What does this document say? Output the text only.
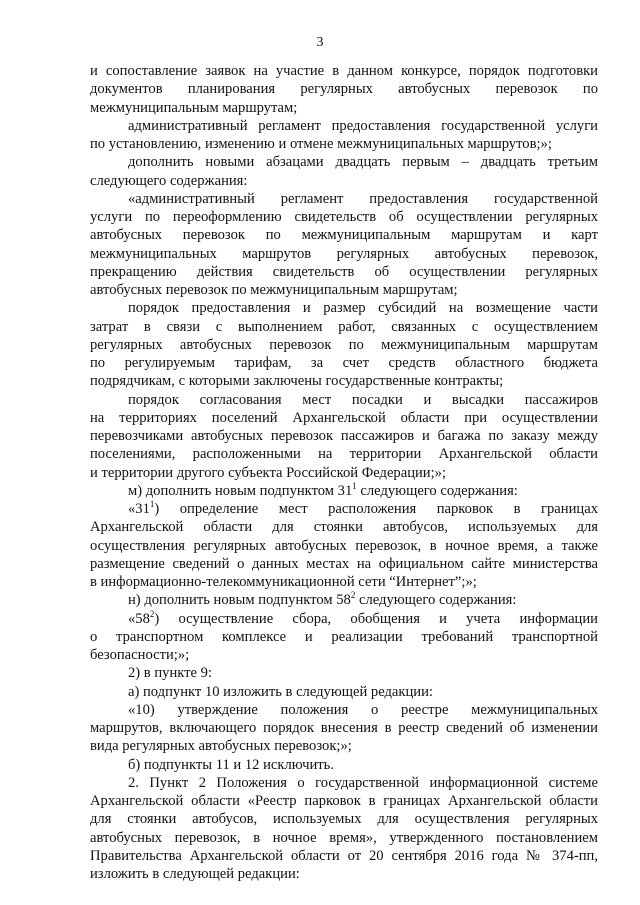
3
и сопоставление заявок на участие в данном конкурсе, порядок подготовки
документов планирования регулярных автобусных перевозок по
межмуниципальным маршрутам;
административный регламент предоставления государственной услуги
по установлению, изменению и отмене межмуниципальных маршрутов;»;
дополнить новыми абзацами двадцать первым – двадцать третьим
следующего содержания:
«административный регламент предоставления государственной
услуги по переоформлению свидетельств об осуществлении регулярных
автобусных перевозок по межмуниципальным маршрутам и карт
межмуниципальных маршрутов регулярных автобусных перевозок,
прекращению действия свидетельств об осуществлении регулярных
автобусных перевозок по межмуниципальным маршрутам;
порядок предоставления и размер субсидий на возмещение части
затрат в связи с выполнением работ, связанных с осуществлением
регулярных автобусных перевозок по межмуниципальным маршрутам
по регулируемым тарифам, за счет средств областного бюджета
подрядчикам, с которыми заключены государственные контракты;
порядок согласования мест посадки и высадки пассажиров
на территориях поселений Архангельской области при осуществлении
перевозчиками автобусных перевозок пассажиров и багажа по заказу между
поселениями, расположенными на территории Архангельской области
и территории другого субъекта Российской Федерации;»;
м) дополнить новым подпунктом $31^1$ следующего содержания:
«$31^1$) определение мест расположения парковок в границах
Архангельской области для стоянки автобусов, используемых для
осуществления регулярных автобусных перевозок, в ночное время, а также
размещение сведений о данных местах на официальном сайте министерства
в информационно-телекоммуникационной сети “Интернет”;»;
н) дополнить новым подпунктом $58^2$ следующего содержания:
«$58^2$) осуществление сбора, обобщения и учета информации
о транспортном комплексе и реализации требований транспортной
безопасности;»;
2) в пункте 9:
а) подпункт 10 изложить в следующей редакции:
«10) утверждение положения о реестре межмуниципальных
маршрутов, включающего порядок внесения в реестр сведений об изменении
вида регулярных автобусных перевозок;»;
б) подпункты 11 и 12 исключить.
2. Пункт 2 Положения о государственной информационной системе
Архангельской области «Реестр парковок в границах Архангельской области
для стоянки автобусов, используемых для осуществления регулярных
автобусных перевозок, в ночное время», утвержденного постановлением
Правительства Архангельской области от 20 сентября 2016 года № 374-пп,
изложить в следующей редакции:
